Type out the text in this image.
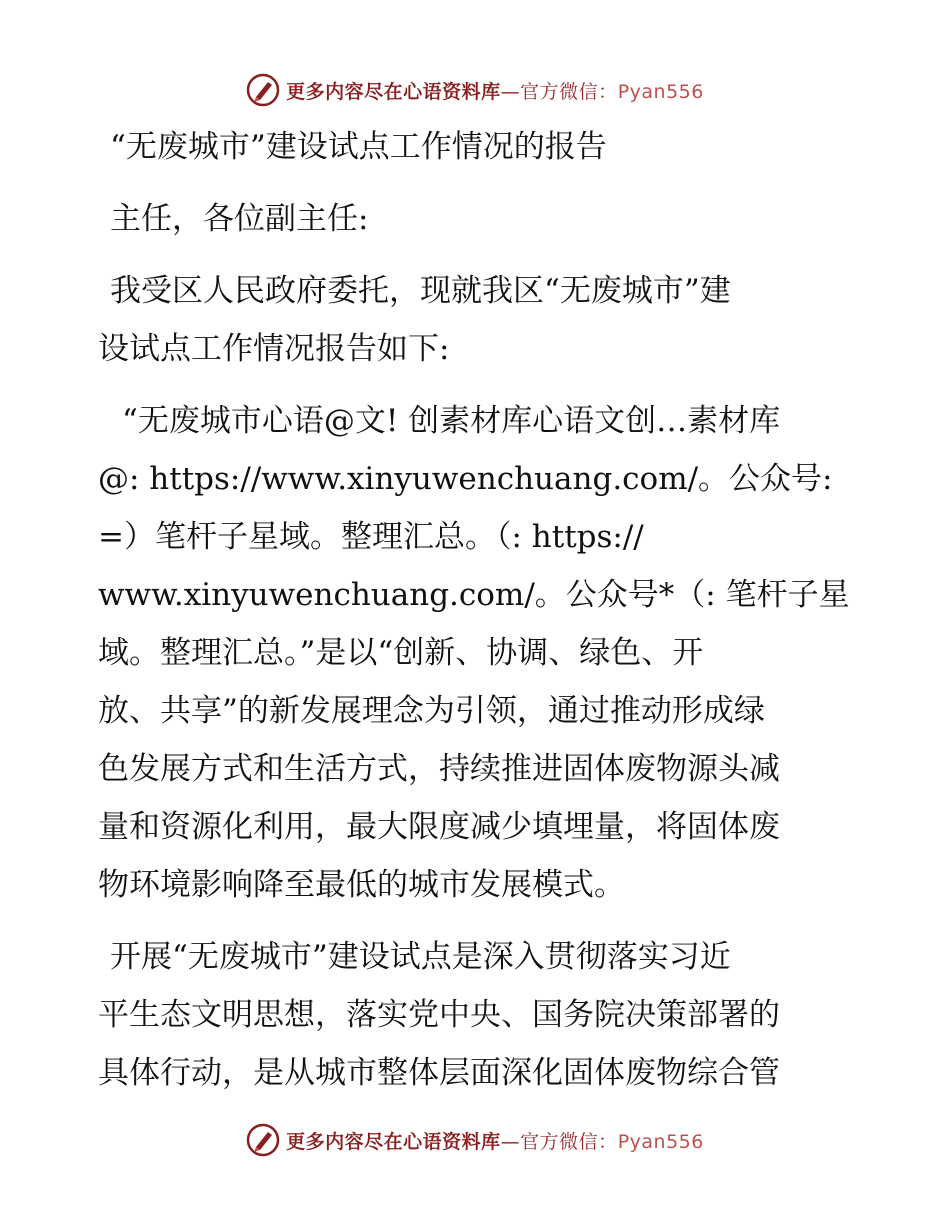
更多内容尽在心语资料库—官方微信：Pyan556

“无废城市”建设试点工作情况的报告

主任，各位副主任:

我受区人民政府委托，现就我区“无废城市”建

设试点工作情况报告如下:

“无废城市心语@文! 创素材库心语文创…素材库

@: https://www.xinyuwenchuang.com/。公众号:

=）笔杆子星域。整理汇总。（: https://

www.xinyuwenchuang.com/。公众号*（: 笔杆子星

域。整理汇总。”是以“创新、协调、绿色、开

放、共享”的新发展理念为引领，通过推动形成绿

色发展方式和生活方式，持续推进固体废物源头减

量和资源化利用，最大限度减少填埋量，将固体废

物环境影响降至最低的城市发展模式。

开展“无废城市”建设试点是深入贯彻落实习近

平生态文明思想，落实党中央、国务院决策部署的

具体行动，是从城市整体层面深化固体废物综合管

更多内容尽在心语资料库—官方微信：Pyan556
